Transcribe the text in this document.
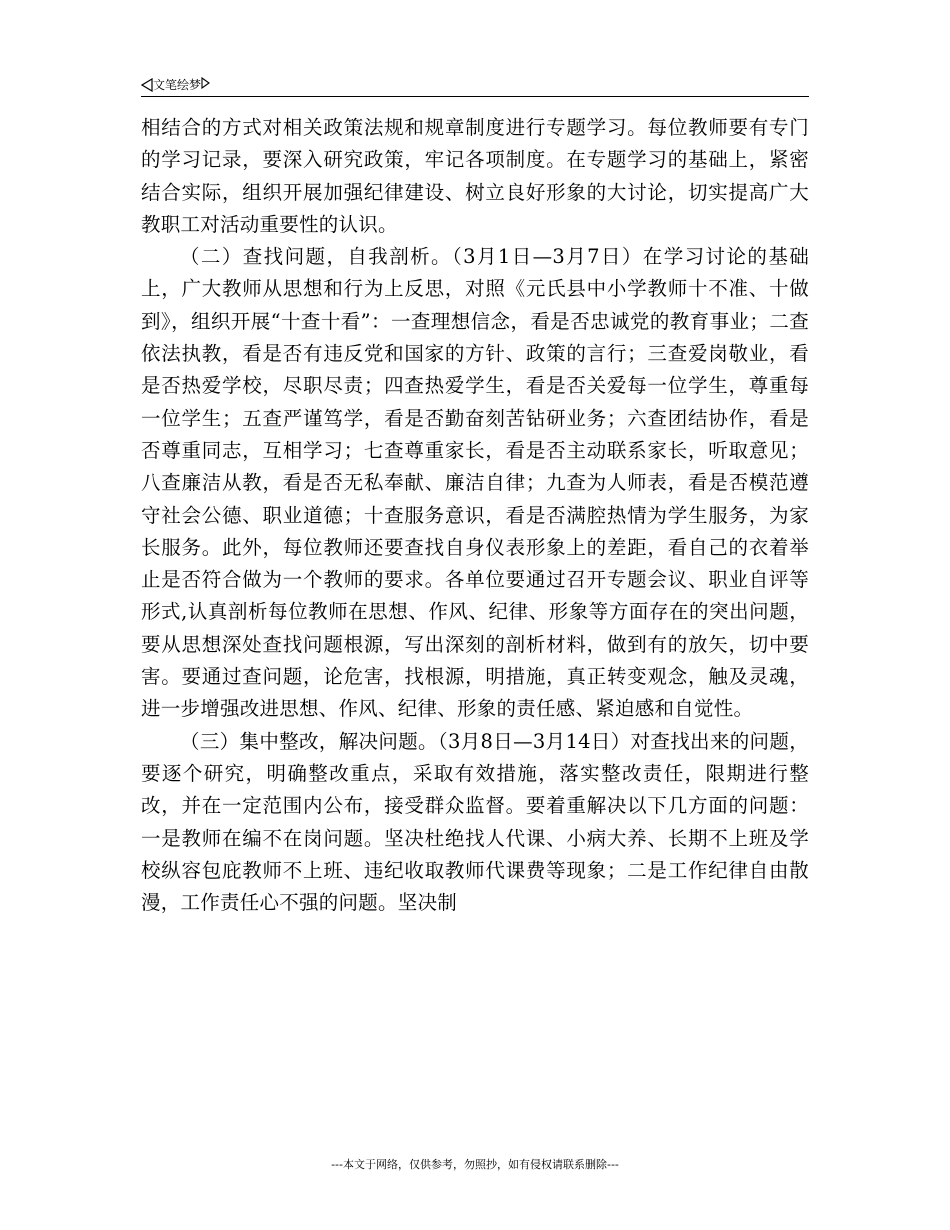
文笔绘梦

相结合的方式对相关政策法规和规章制度进行专题学习。每位教师要有专门的学习记录，要深入研究政策，牢记各项制度。在专题学习的基础上，紧密结合实际，组织开展加强纪律建设、树立良好形象的大讨论，切实提高广大教职工对活动重要性的认识。

（二）查找问题，自我剖析。（3月1日—3月7日）在学习讨论的基础上，广大教师从思想和行为上反思，对照《元氏县中小学教师十不准、十做到》，组织开展“十查十看”：一查理想信念，看是否忠诚党的教育事业；二查依法执教，看是否有违反党和国家的方针、政策的言行；三查爱岗敬业，看是否热爱学校，尽职尽责；四查热爱学生，看是否关爱每一位学生，尊重每一位学生；五查严谨笃学，看是否勤奋刻苦钻研业务；六查团结协作，看是否尊重同志，互相学习；七查尊重家长，看是否主动联系家长，听取意见；八查廉洁从教，看是否无私奉献、廉洁自律；九查为人师表，看是否模范遵守社会公德、职业道德；十查服务意识，看是否满腔热情为学生服务，为家长服务。此外，每位教师还要查找自身仪表形象上的差距，看自己的衣着举止是否符合做为一个教师的要求。各单位要通过召开专题会议、职业自评等形式,认真剖析每位教师在思想、作风、纪律、形象等方面存在的突出问题，要从思想深处查找问题根源，写出深刻的剖析材料，做到有的放矢，切中要害。要通过查问题，论危害，找根源，明措施，真正转变观念，触及灵魂，进一步增强改进思想、作风、纪律、形象的责任感、紧迫感和自觉性。

（三）集中整改，解决问题。（3月8日—3月14日）对查找出来的问题，要逐个研究，明确整改重点，采取有效措施，落实整改责任，限期进行整改，并在一定范围内公布，接受群众监督。要着重解决以下几方面的问题：一是教师在编不在岗问题。坚决杜绝找人代课、小病大养、长期不上班及学校纵容包庇教师不上班、违纪收取教师代课费等现象；二是工作纪律自由散漫，工作责任心不强的问题。坚决制

---本文于网络，仅供参考，勿照抄，如有侵权请联系删除---
